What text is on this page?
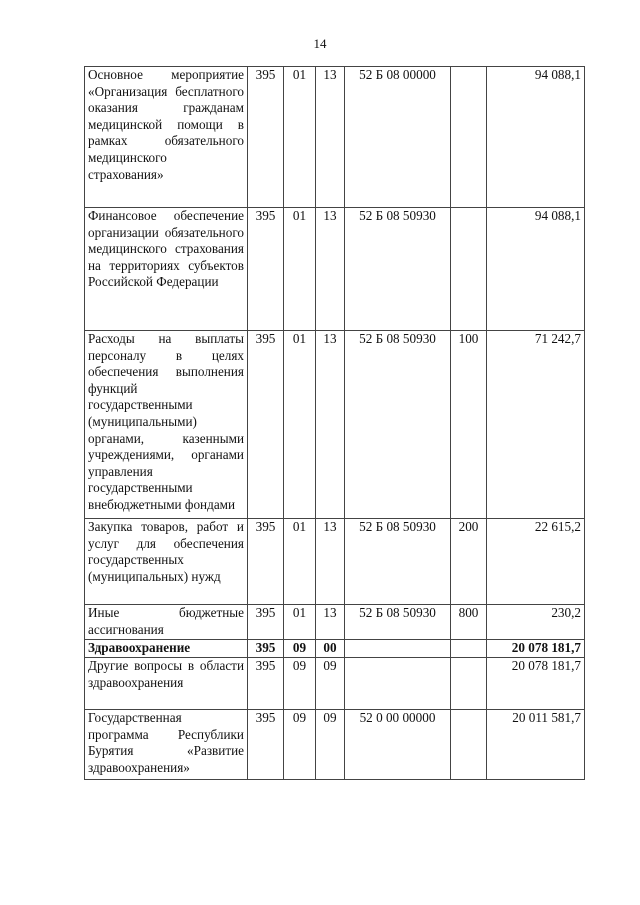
14
Основное мероприятие «Организация бесплатного оказания гражданам медицинской помощи в рамках обязательного медицинского страхования»	395	01	13	52 Б 08 00000		94 088,1
Финансовое обеспечение организации обязательного медицинского страхования на территориях субъектов Российской Федерации	395	01	13	52 Б 08 50930		94 088,1
Расходы на выплаты персоналу в целях обеспечения выполнения функций государственными (муниципальными) органами, казенными учреждениями, органами управления государственными внебюджетными фондами	395	01	13	52 Б 08 50930	100	71 242,7
Закупка товаров, работ и услуг для обеспечения государственных (муниципальных) нужд	395	01	13	52 Б 08 50930	200	22 615,2
Иные бюджетные ассигнования	395	01	13	52 Б 08 50930	800	230,2
Здравоохранение	395	09	00			20 078 181,7
Другие вопросы в области здравоохранения	395	09	09			20 078 181,7
Государственная программа Республики Бурятия «Развитие здравоохранения»	395	09	09	52 0 00 00000		20 011 581,7
